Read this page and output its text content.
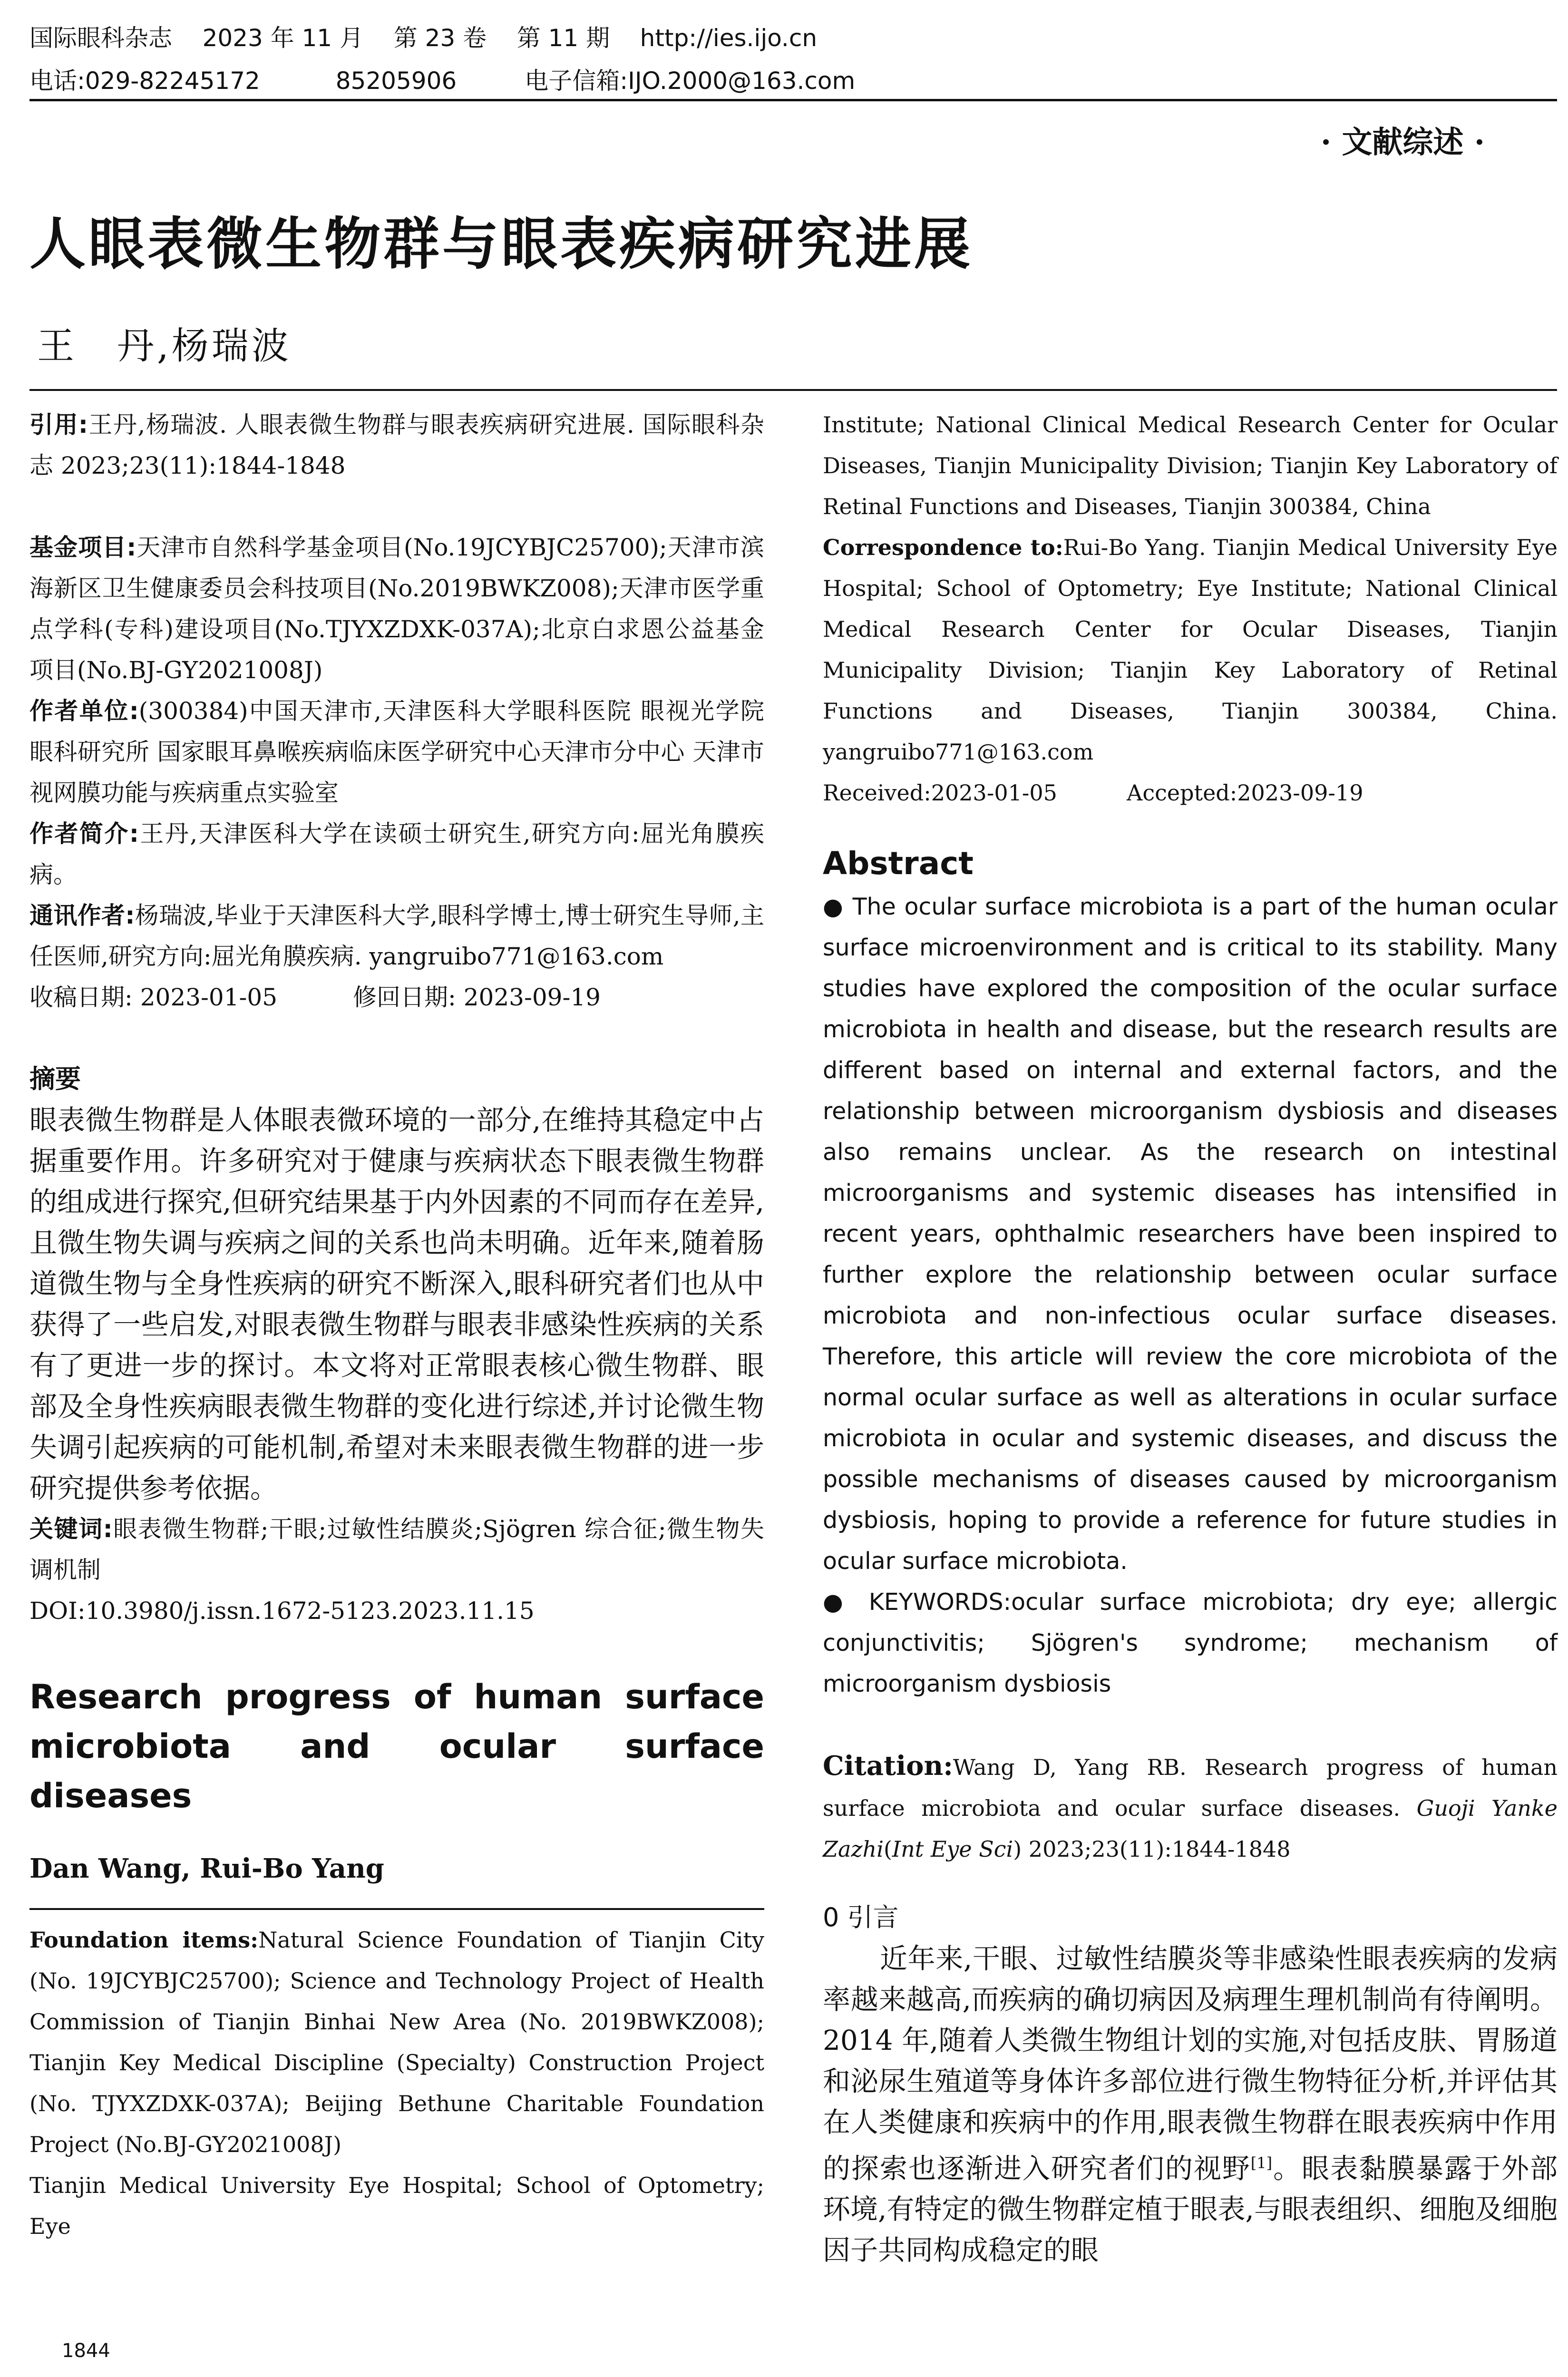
国际眼科杂志    2023 年 11 月    第 23 卷    第 11 期    http://ies.ijo.cn
电话:029-82245172          85205906         电子信箱:IJO.2000@163.com
· 文献综述 ·
人眼表微生物群与眼表疾病研究进展
王　丹,杨瑞波

引用:王丹,杨瑞波. 人眼表微生物群与眼表疾病研究进展. 国际眼科杂志 2023;23(11):1844-1848

基金项目:天津市自然科学基金项目(No.19JCYBJC25700);天津市滨海新区卫生健康委员会科技项目(No.2019BWKZ008);天津市医学重点学科(专科)建设项目(No.TJYXZDXK-037A);北京白求恩公益基金项目(No.BJ-GY2021008J)

作者单位:(300384)中国天津市,天津医科大学眼科医院 眼视光学院 眼科研究所 国家眼耳鼻喉疾病临床医学研究中心天津市分中心 天津市视网膜功能与疾病重点实验室

作者简介:王丹,天津医科大学在读硕士研究生,研究方向:屈光角膜疾病。

通讯作者:杨瑞波,毕业于天津医科大学,眼科学博士,博士研究生导师,主任医师,研究方向:屈光角膜疾病. yangruibo771@163.com

收稿日期: 2023-01-05	修回日期: 2023-09-19

摘要

眼表微生物群是人体眼表微环境的一部分,在维持其稳定中占据重要作用。许多研究对于健康与疾病状态下眼表微生物群的组成进行探究,但研究结果基于内外因素的不同而存在差异,且微生物失调与疾病之间的关系也尚未明确。近年来,随着肠道微生物与全身性疾病的研究不断深入,眼科研究者们也从中获得了一些启发,对眼表微生物群与眼表非感染性疾病的关系有了更进一步的探讨。本文将对正常眼表核心微生物群、眼部及全身性疾病眼表微生物群的变化进行综述,并讨论微生物失调引起疾病的可能机制,希望对未来眼表微生物群的进一步研究提供参考依据。

关键词:眼表微生物群;干眼;过敏性结膜炎;Sjögren 综合征;微生物失调机制

DOI:10.3980/j.issn.1672-5123.2023.11.15

Research progress of human surface microbiota and ocular surface diseases

Dan Wang, Rui-Bo Yang

Foundation items:Natural Science Foundation of Tianjin City (No. 19JCYBJC25700); Science and Technology Project of Health Commission of Tianjin Binhai New Area (No. 2019BWKZ008); Tianjin Key Medical Discipline (Specialty) Construction Project (No. TJYXZDXK-037A); Beijing Bethune Charitable Foundation Project (No.BJ-GY2021008J)

Tianjin Medical University Eye Hospital; School of Optometry; Eye

Institute; National Clinical Medical Research Center for Ocular Diseases, Tianjin Municipality Division; Tianjin Key Laboratory of Retinal Functions and Diseases, Tianjin 300384, China

Correspondence to:Rui-Bo Yang. Tianjin Medical University Eye Hospital; School of Optometry; Eye Institute; National Clinical Medical Research Center for Ocular Diseases, Tianjin Municipality Division; Tianjin Key Laboratory of Retinal Functions and Diseases, Tianjin 300384, China. yangruibo771@163.com

Received:2023-01-05	Accepted:2023-09-19

Abstract

● The ocular surface microbiota is a part of the human ocular surface microenvironment and is critical to its stability. Many studies have explored the composition of the ocular surface microbiota in health and disease, but the research results are different based on internal and external factors, and the relationship between microorganism dysbiosis and diseases also remains unclear. As the research on intestinal microorganisms and systemic diseases has intensified in recent years, ophthalmic researchers have been inspired to further explore the relationship between ocular surface microbiota and non-infectious ocular surface diseases. Therefore, this article will review the core microbiota of the normal ocular surface as well as alterations in ocular surface microbiota in ocular and systemic diseases, and discuss the possible mechanisms of diseases caused by microorganism dysbiosis, hoping to provide a reference for future studies in ocular surface microbiota.

● KEYWORDS:ocular surface microbiota; dry eye; allergic conjunctivitis; Sjögren's syndrome; mechanism of microorganism dysbiosis

Citation:Wang D, Yang RB. Research progress of human surface microbiota and ocular surface diseases. Guoji Yanke Zazhi(Int Eye Sci) 2023;23(11):1844-1848

0 引言

近年来,干眼、过敏性结膜炎等非感染性眼表疾病的发病率越来越高,而疾病的确切病因及病理生理机制尚有待阐明。2014 年,随着人类微生物组计划的实施,对包括皮肤、胃肠道和泌尿生殖道等身体许多部位进行微生物特征分析,并评估其在人类健康和疾病中的作用,眼表微生物群在眼表疾病中作用的探索也逐渐进入研究者们的视野[1]。眼表黏膜暴露于外部环境,有特定的微生物群定植于眼表,与眼表组织、细胞及细胞因子共同构成稳定的眼

1844
